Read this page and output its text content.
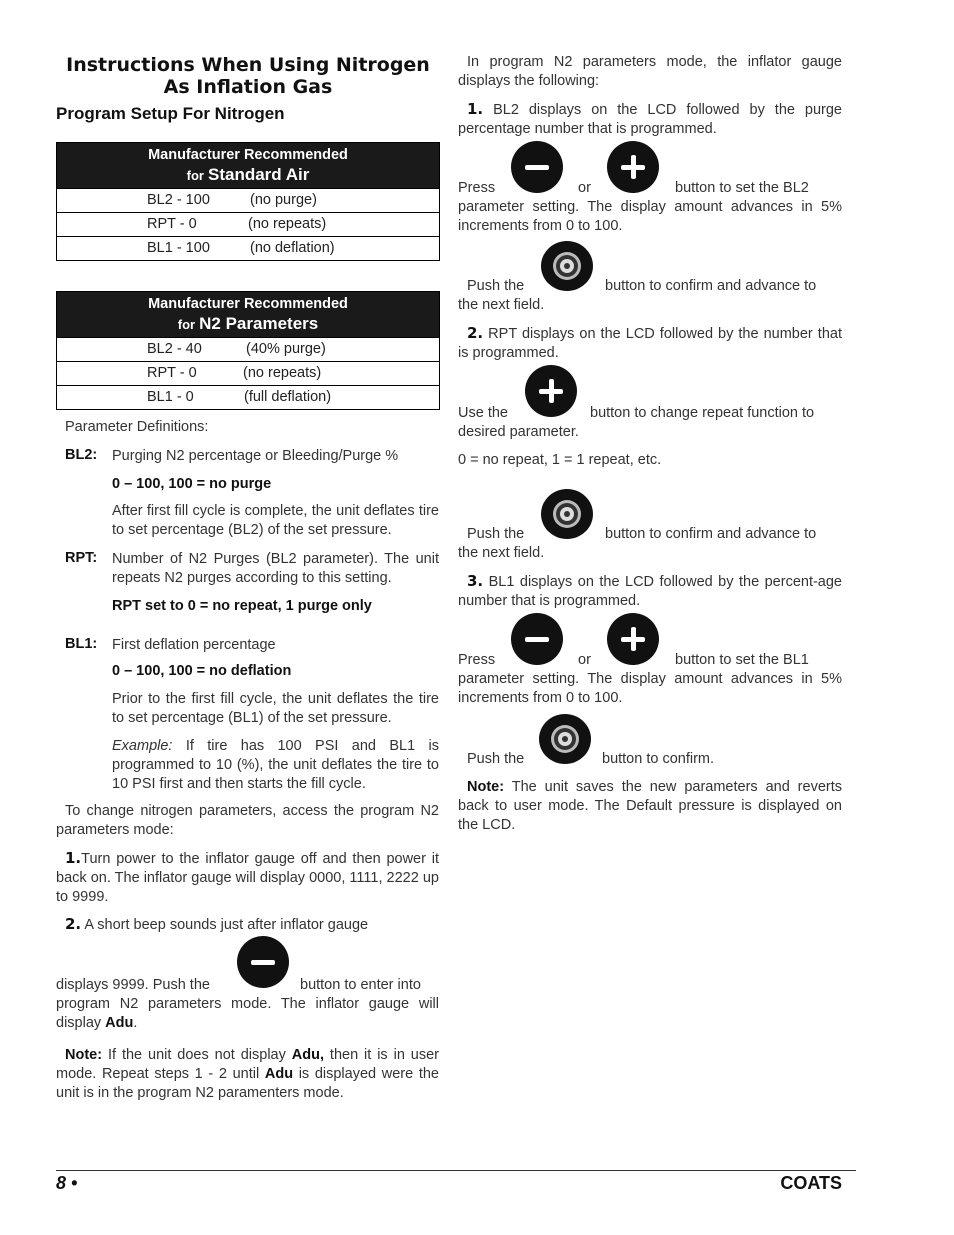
Instructions When Using Nitrogen
As Inflation Gas
Program Setup For Nitrogen
Manufacturer Recommended
for Standard Air
BL2 - 100	(no purge)
RPT - 0	(no repeats)
BL1 - 100	(no deflation)
Manufacturer Recommended
for N2 Parameters
BL2 - 40	(40% purge)
RPT - 0	(no repeats)
BL1 - 0	(full deflation)
Parameter Definitions:
BL2: Purging N2 percentage or Bleeding/Purge %
0 – 100, 100 = no purge
After first fill cycle is complete, the unit deflates tire to set percentage (BL2) of the set pressure.
RPT: Number of N2 Purges (BL2 parameter). The unit repeats N2 purges according to this setting.
RPT set to 0 = no repeat, 1 purge only
BL1: First deflation percentage
0 – 100, 100 = no deflation
Prior to the first fill cycle, the unit deflates the tire to set percentage (BL1) of the set pressure.
Example: If tire has 100 PSI and BL1 is programmed to 10 (%), the unit deflates the tire to 10 PSI first and then starts the fill cycle.
To change nitrogen parameters, access the program N2 parameters mode:
1.Turn power to the inflator gauge off and then power it back on. The inflator gauge will display 0000, 1111, 2222 up to 9999.
2. A short beep sounds just after inflator gauge
displays 9999. Push the	button to enter into
program N2 parameters mode. The inflator gauge will display Adu.
Note: If the unit does not display Adu, then it is in user mode. Repeat steps 1 - 2 until Adu is displayed were the unit is in the program N2 paramenters mode.
In program N2 parameters mode, the inflator gauge displays the following:
1. BL2 displays on the LCD followed by the purge percentage number that is programmed.
Press	or	button to set the BL2
parameter setting. The display amount advances in 5% increments from 0 to 100.
Push the	button to confirm and advance to
the next field.
2. RPT displays on the LCD followed by the number that is programmed.
Use the	button to change repeat function to
desired parameter.
0 = no repeat, 1 = 1 repeat, etc.
Push the	button to confirm and advance to
the next field.
3. BL1 displays on the LCD followed by the percent-age number that is programmed.
Press	or	button to set the BL1
parameter setting. The display amount advances in 5% increments from 0 to 100.
Push the	button to confirm.
Note: The unit saves the new parameters and reverts back to user mode. The Default pressure is displayed on the LCD.
8 •	COATS
